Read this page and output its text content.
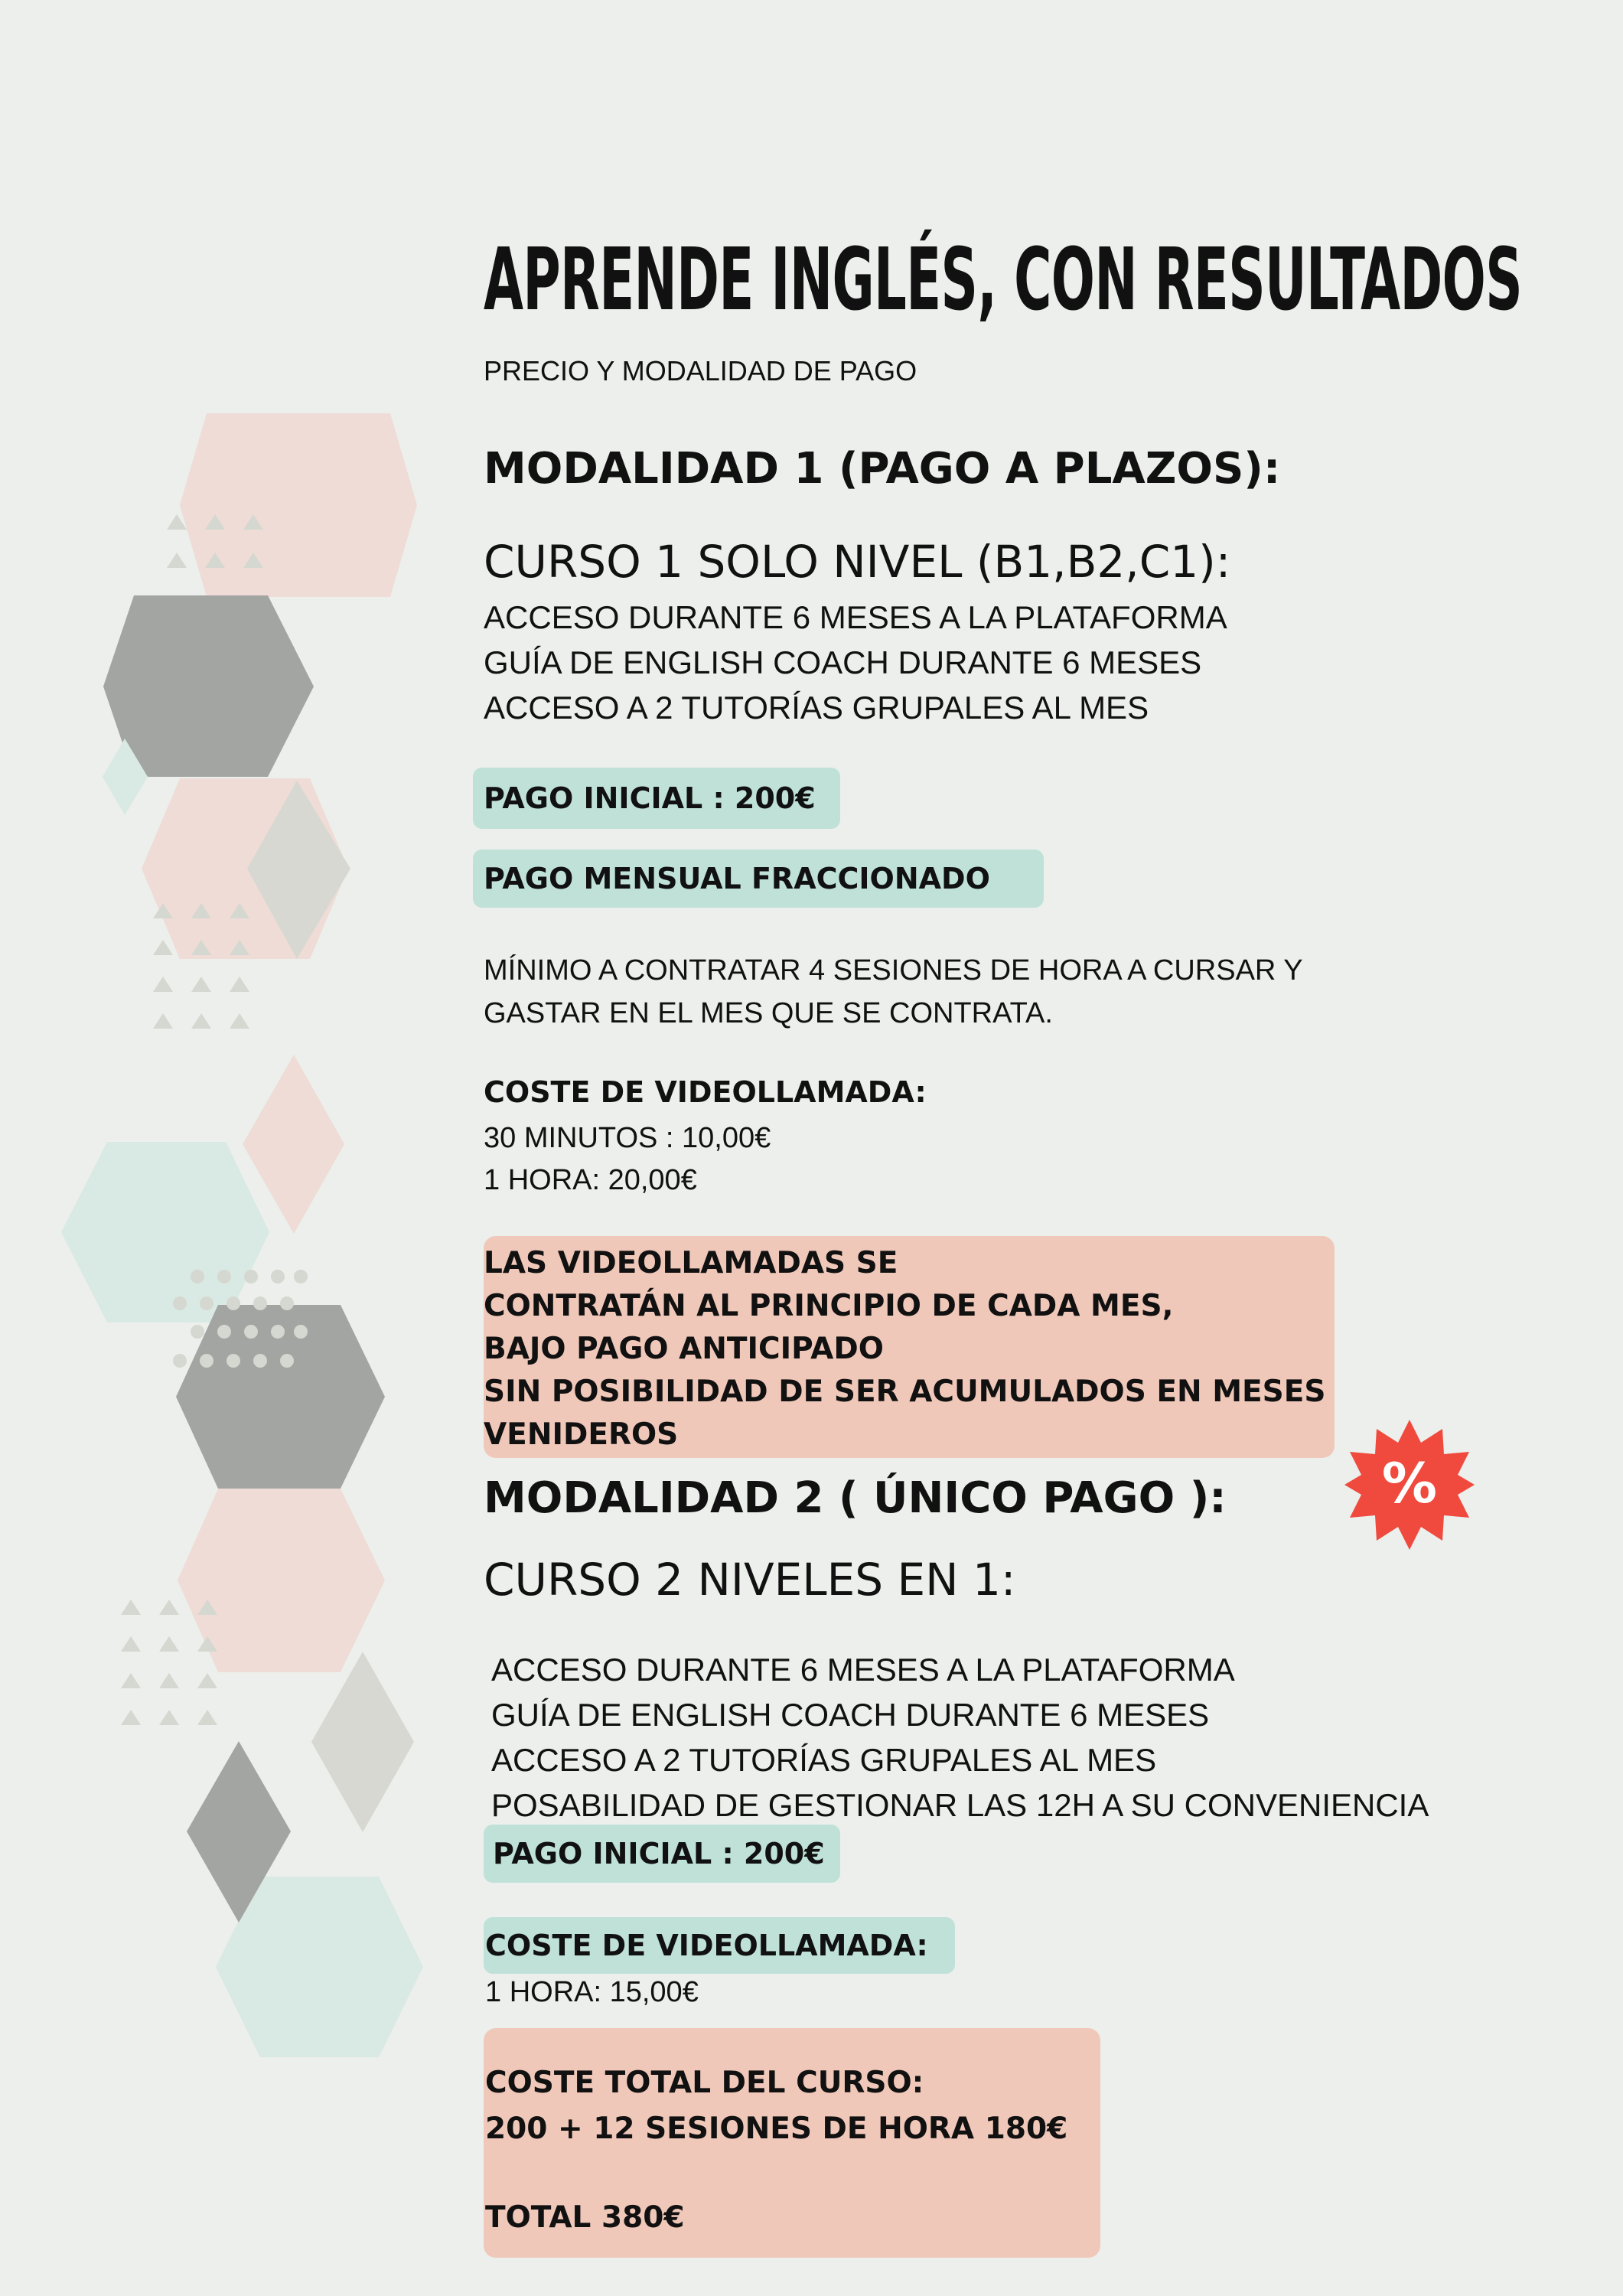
APRENDE INGLÉS, CON RESULTADOS
PRECIO Y MODALIDAD DE PAGO
MODALIDAD 1 (PAGO A PLAZOS):
CURSO 1 SOLO NIVEL (B1,B2,C1):
ACCESO DURANTE 6 MESES A LA PLATAFORMA
GUÍA DE ENGLISH COACH DURANTE 6 MESES
ACCESO A 2 TUTORÍAS GRUPALES AL MES
PAGO INICIAL : 200€
PAGO MENSUAL FRACCIONADO
MÍNIMO A CONTRATAR 4 SESIONES DE HORA A CURSAR Y
GASTAR EN EL MES QUE SE CONTRATA.
COSTE DE VIDEOLLAMADA:
30 MINUTOS : 10,00€
1 HORA: 20,00€
LAS VIDEOLLAMADAS SE
CONTRATÁN AL PRINCIPIO DE CADA MES,
BAJO PAGO ANTICIPADO
SIN POSIBILIDAD DE SER ACUMULADOS EN MESES
VENIDEROS
%
MODALIDAD 2 ( ÚNICO PAGO ):
CURSO 2 NIVELES EN 1:
ACCESO DURANTE 6 MESES A LA PLATAFORMA
GUÍA DE ENGLISH COACH DURANTE 6 MESES
ACCESO A 2 TUTORÍAS GRUPALES AL MES
POSABILIDAD DE GESTIONAR LAS 12H A SU CONVENIENCIA
PAGO INICIAL : 200€
COSTE DE VIDEOLLAMADA:
1 HORA: 15,00€
COSTE TOTAL DEL CURSO:
200 + 12 SESIONES DE HORA 180€
TOTAL 380€
